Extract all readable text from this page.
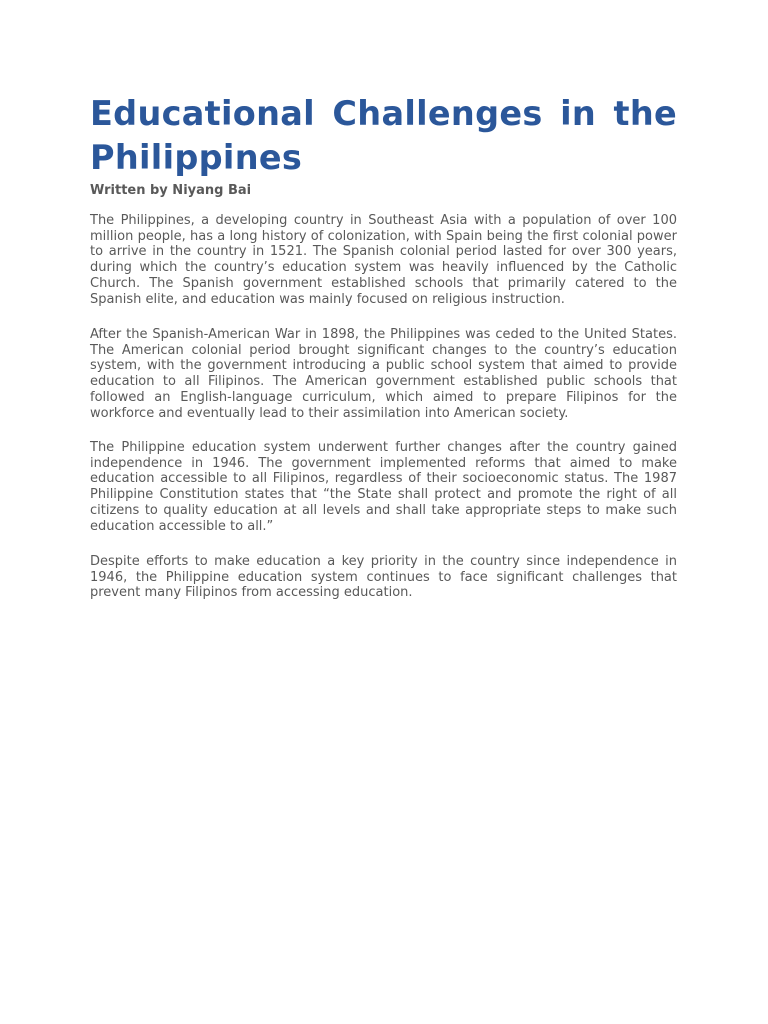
Educational Challenges in the Philippines
Written by Niyang Bai

The Philippines, a developing country in Southeast Asia with a population of over 100 million people, has a long history of colonization, with Spain being the first colonial power to arrive in the country in 1521. The Spanish colonial period lasted for over 300 years, during which the country’s education system was heavily influenced by the Catholic Church. The Spanish government established schools that primarily catered to the Spanish elite, and education was mainly focused on religious instruction.

After the Spanish-American War in 1898, the Philippines was ceded to the United States. The American colonial period brought significant changes to the country’s education system, with the government introducing a public school system that aimed to provide education to all Filipinos. The American government established public schools that followed an English-language curriculum, which aimed to prepare Filipinos for the workforce and eventually lead to their assimilation into American society.

The Philippine education system underwent further changes after the country gained independence in 1946. The government implemented reforms that aimed to make education accessible to all Filipinos, regardless of their socioeconomic status. The 1987 Philippine Constitution states that “the State shall protect and promote the right of all citizens to quality education at all levels and shall take appropriate steps to make such education accessible to all.”

Despite efforts to make education a key priority in the country since independence in 1946, the Philippine education system continues to face significant challenges that prevent many Filipinos from accessing education.
